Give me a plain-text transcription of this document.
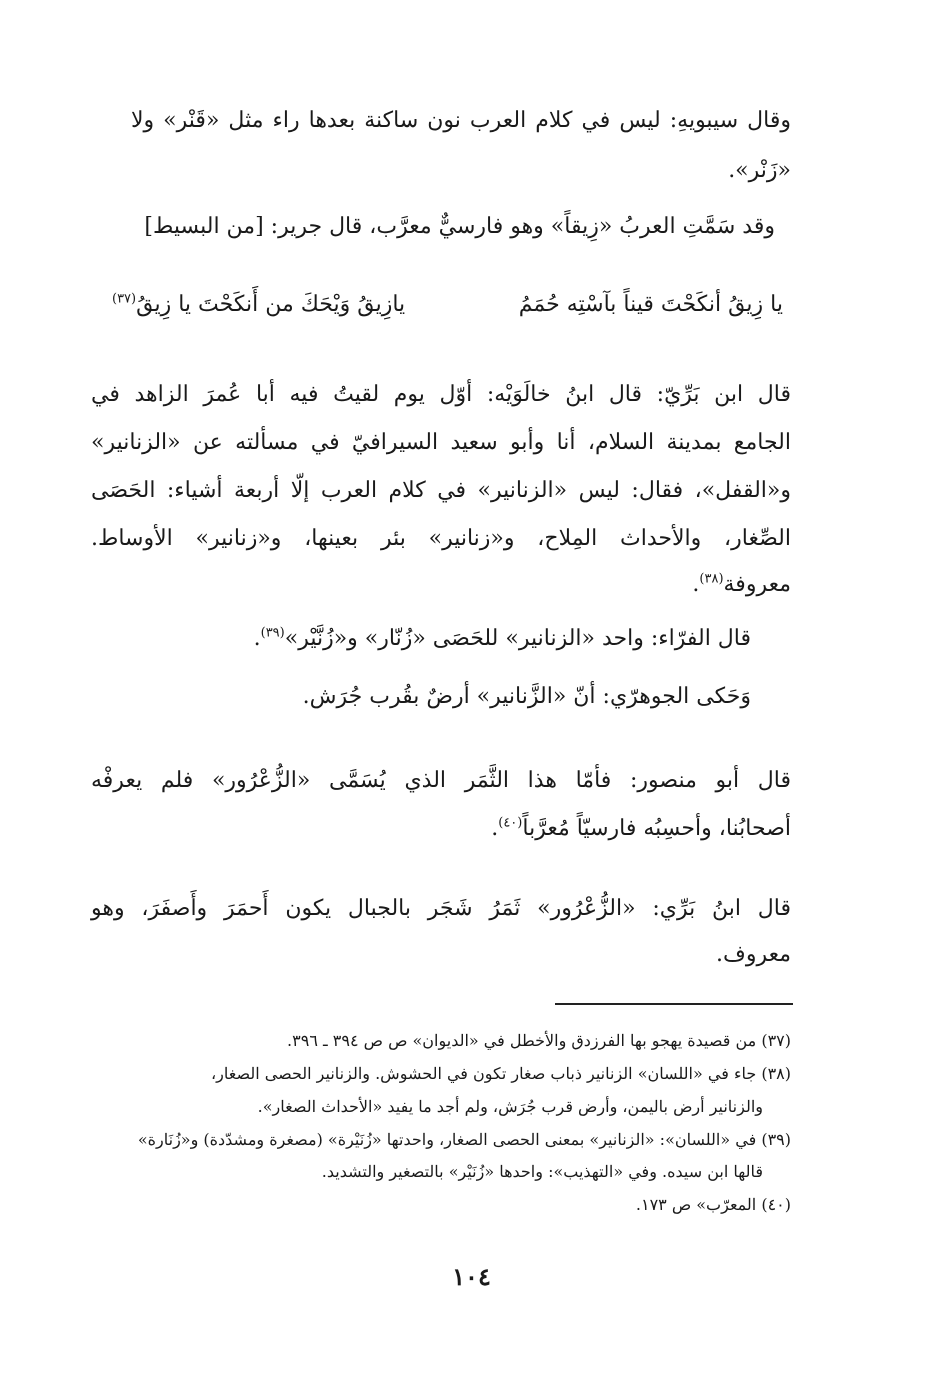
وقال سيبويهِ: ليس في كلام العرب نون ساكنة بعدها راء مثل «قَنْر» ولا
«زَنْر».
وقد سَمَّتِ العربُ «زِيقاً» وهو فارسيٌّ معرَّب، قال جرير: [من البسيط]
يا زِيقُ أنكَحْتَ قيناً بآسْتِه حُمَمُ
يازِيقُ وَيْحَكَ من أَنكَحْتَ يا زِيقُ$^{(٣٧)}$
قال ابن بَرِّيّ: قال ابنُ خالَوَيْه: أوّل يوم لقيتُ فيه أبا عُمرَ الزاهد في
الجامع بمدينة السلام، أنا وأبو سعيد السيرافيّ في مسألته عن «الزنانير»
و«القفل»، فقال: ليس «الزنانير» في كلام العرب إلّا أربعة أشياء: الحَصَى
الصِّغار، والأحداث المِلاح، و«زنانير» بئر بعينها، و«زنانير» الأوساط.
معروفة$^{(٣٨)}$.
قال الفرّاء: واحد «الزنانير» للحَصَى «زُنّار» و«زُنَّيْر»$^{(٣٩)}$.
وَحَكى الجوهرّي: أنّ «الزَّنانير» أرضٌ بقُرب جُرَش.
قال أبو منصور: فأمّا هذا الثَّمَر الذي يُسَمَّى «الزُّعْرُور» فلم يعرفْه
أصحابُنا، وأحسِبُه فارسيّاً مُعرَّباً$^{(٤٠)}$.
قال ابنُ بَرِّي: «الزُّعْرُور» ثَمَرُ شَجَر بالجبال يكون أَحمَرَ وأَصفَرَ، وهو
معروف.
(٣٧) من قصيدة يهجو بها الفرزدق والأخطل في «الديوان» ص ص ٣٩٤ ـ ٣٩٦.
(٣٨) جاء في «اللسان» الزنانير ذباب صغار تكون في الحشوش. والزنانير الحصى الصغار،
والزنانير أرض باليمن، وأرض قرب جُرَش، ولم أجد ما يفيد «الأحداث الصغار».
(٣٩) في «اللسان»: «الزنانير» بمعنى الحصى الصغار، واحدتها «زُنَيْرة» (مصغرة ومشدّدة) و«زُنَارة»
قالها ابن سيده. وفي «التهذيب»: واحدها «زُنَيْر» بالتصغير والتشديد.
(٤٠) المعرّب» ص ١٧٣.
١٠٤
